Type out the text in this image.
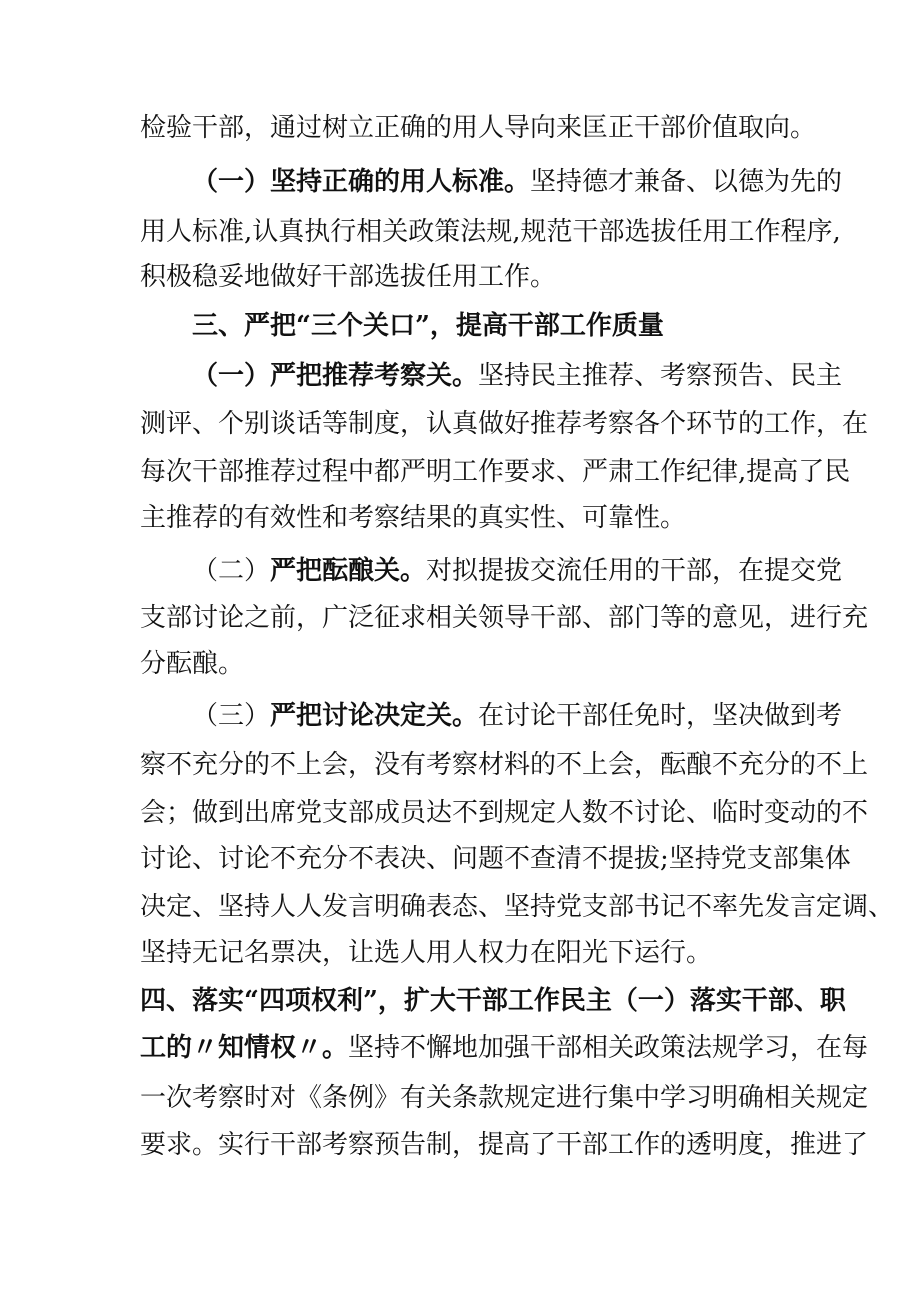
检验干部，通过树立正确的用人导向来匡正干部价值取向。
（一）坚持正确的用人标准。坚持德才兼备、以德为先的
用人标准,认真执行相关政策法规,规范干部选拔任用工作程序,
积极稳妥地做好干部选拔任用工作。
三、严把“三个关口”，提高干部工作质量
（一）严把推荐考察关。坚持民主推荐、考察预告、民主
测评、个别谈话等制度，认真做好推荐考察各个环节的工作，在
每次干部推荐过程中都严明工作要求、严肃工作纪律,提高了民
主推荐的有效性和考察结果的真实性、可靠性。
（二）严把酝酿关。对拟提拔交流任用的干部，在提交党
支部讨论之前，广泛征求相关领导干部、部门等的意见，进行充
分酝酿。
（三）严把讨论决定关。在讨论干部任免时，坚决做到考
察不充分的不上会，没有考察材料的不上会，酝酿不充分的不上
会；做到出席党支部成员达不到规定人数不讨论、临时变动的不
讨论、讨论不充分不表决、问题不查清不提拔;坚持党支部集体
决定、坚持人人发言明确表态、坚持党支部书记不率先发言定调、
坚持无记名票决，让选人用人权力在阳光下运行。
四、落实“四项权利”，扩大干部工作民主（一）落实干部、职
工的〃知情权〃。坚持不懈地加强干部相关政策法规学习，在每
一次考察时对《条例》有关条款规定进行集中学习明确相关规定
要求。实行干部考察预告制，提高了干部工作的透明度，推进了
